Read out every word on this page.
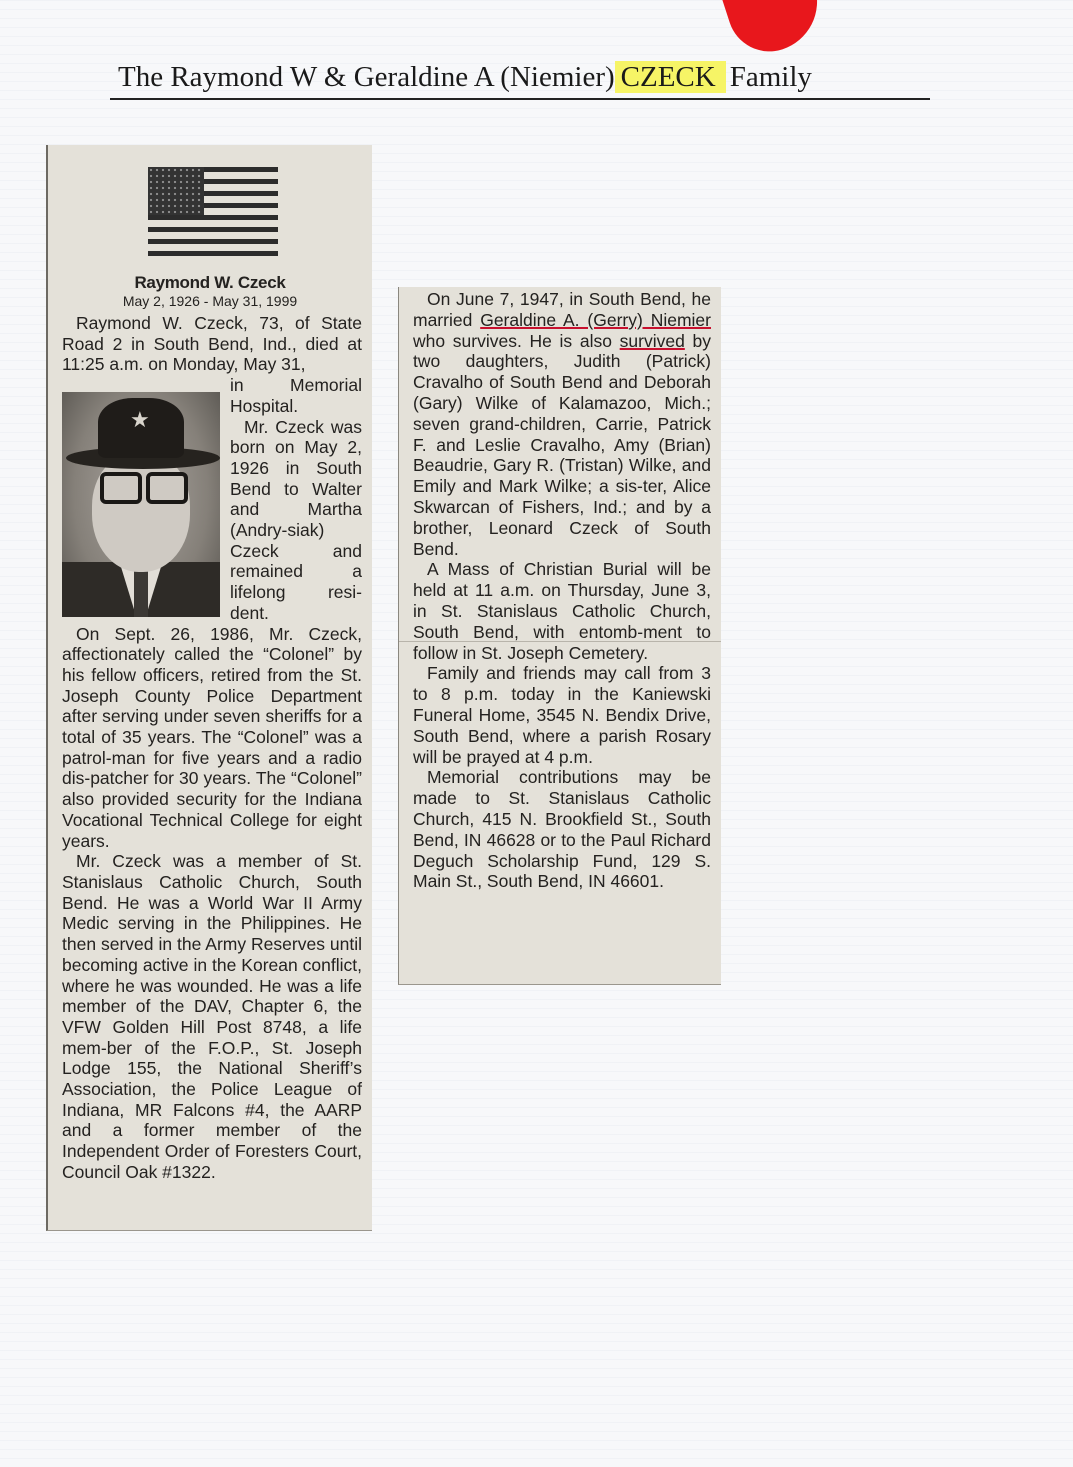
The Raymond W & Geraldine A (Niemier) CZECK Family
Raymond W. Czeck
May 2, 1926 - May 31, 1999

Raymond W. Czeck, 73, of State Road 2 in South Bend, Ind., died at 11:25 a.m. on Monday, May 31,

★

in Memorial Hospital.

Mr. Czeck was born on May 2, 1926 in South Bend to Walter and Martha (Andry-siak) Czeck and remained a lifelong resi-dent.

On Sept. 26, 1986, Mr. Czeck, affectionately called the “Colonel” by his fellow officers, retired from the St. Joseph County Police Department after serving under seven sheriffs for a total of 35 years. The “Colonel” was a patrol-man for five years and a radio dis-patcher for 30 years. The “Colonel” also provided security for the Indiana Vocational Technical College for eight years.

Mr. Czeck was a member of St. Stanislaus Catholic Church, South Bend. He was a World War II Army Medic serving in the Philippines. He then served in the Army Reserves until becoming active in the Korean conflict, where he was wounded. He was a life member of the DAV, Chapter 6, the VFW Golden Hill Post 8748, a life mem-ber of the F.O.P., St. Joseph Lodge 155, the National Sheriff’s Association, the Police League of Indiana, MR Falcons #4, the AARP and a former member of the Independent Order of Foresters Court, Council Oak #1322.

On June 7, 1947, in South Bend, he married Geraldine A. (Gerry) Niemier who survives. He is also survived by two daughters, Judith (Patrick) Cravalho of South Bend and Deborah (Gary) Wilke of Kalamazoo, Mich.; seven grand-children, Carrie, Patrick F. and Leslie Cravalho, Amy (Brian) Beaudrie, Gary R. (Tristan) Wilke, and Emily and Mark Wilke; a sis-ter, Alice Skwarcan of Fishers, Ind.; and by a brother, Leonard Czeck of South Bend.

A Mass of Christian Burial will be held at 11 a.m. on Thursday, June 3, in St. Stanislaus Catholic Church, South Bend, with entomb-ment to follow in St. Joseph Cemetery.

Family and friends may call from 3 to 8 p.m. today in the Kaniewski Funeral Home, 3545 N. Bendix Drive, South Bend, where a parish Rosary will be prayed at 4 p.m.

Memorial contributions may be made to St. Stanislaus Catholic Church, 415 N. Brookfield St., South Bend, IN 46628 or to the Paul Richard Deguch Scholarship Fund, 129 S. Main St., South Bend, IN 46601.
